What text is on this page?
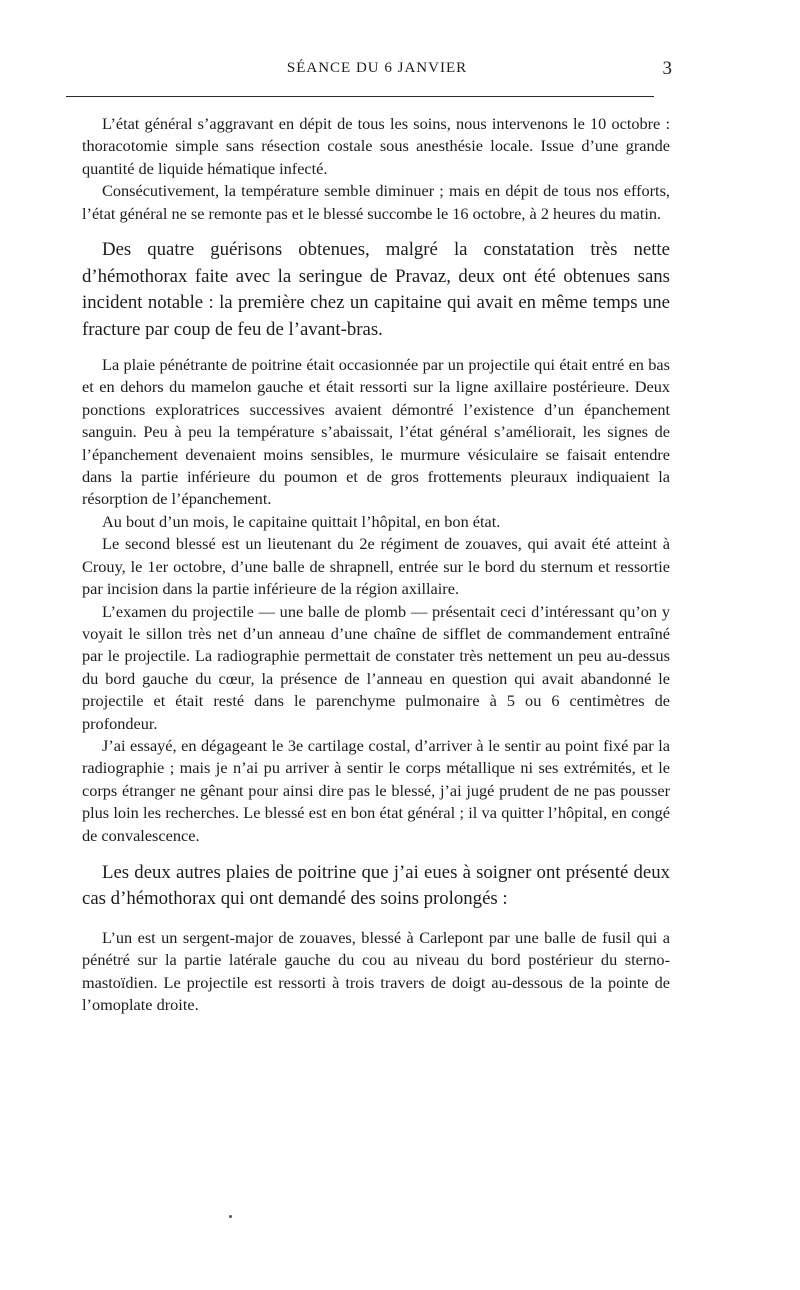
SÉANCE DU 6 JANVIER	3

L’état général s’aggravant en dépit de tous les soins, nous intervenons le 10 octobre : thoracotomie simple sans résection costale sous anesthésie locale. Issue d’une grande quantité de liquide hématique infecté.

Consécutivement, la température semble diminuer ; mais en dépit de tous nos efforts, l’état général ne se remonte pas et le blessé succombe le 16 octobre, à 2 heures du matin.

Des quatre guérisons obtenues, malgré la constatation très nette d’hémothorax faite avec la seringue de Pravaz, deux ont été obtenues sans incident notable : la première chez un capitaine qui avait en même temps une fracture par coup de feu de l’avant-bras.

La plaie pénétrante de poitrine était occasionnée par un projectile qui était entré en bas et en dehors du mamelon gauche et était ressorti sur la ligne axillaire postérieure. Deux ponctions exploratrices successives avaient démontré l’existence d’un épanchement sanguin. Peu à peu la température s’abaissait, l’état général s’améliorait, les signes de l’épanchement devenaient moins sensibles, le murmure vésiculaire se faisait entendre dans la partie inférieure du poumon et de gros frottements pleuraux indiquaient la résorption de l’épanchement.

Au bout d’un mois, le capitaine quittait l’hôpital, en bon état.

Le second blessé est un lieutenant du 2e régiment de zouaves, qui avait été atteint à Crouy, le 1er octobre, d’une balle de shrapnell, entrée sur le bord du sternum et ressortie par incision dans la partie inférieure de la région axillaire.

L’examen du projectile — une balle de plomb — présentait ceci d’intéressant qu’on y voyait le sillon très net d’un anneau d’une chaîne de sifflet de commandement entraîné par le projectile. La radiographie permettait de constater très nettement un peu au-dessus du bord gauche du cœur, la présence de l’anneau en question qui avait abandonné le projectile et était resté dans le parenchyme pulmonaire à 5 ou 6 centimètres de profondeur.

J’ai essayé, en dégageant le 3e cartilage costal, d’arriver à le sentir au point fixé par la radiographie ; mais je n’ai pu arriver à sentir le corps métallique ni ses extrémités, et le corps étranger ne gênant pour ainsi dire pas le blessé, j’ai jugé prudent de ne pas pousser plus loin les recherches. Le blessé est en bon état général ; il va quitter l’hôpital, en congé de convalescence.

Les deux autres plaies de poitrine que j’ai eues à soigner ont présenté deux cas d’hémothorax qui ont demandé des soins prolongés :

L’un est un sergent-major de zouaves, blessé à Carlepont par une balle de fusil qui a pénétré sur la partie latérale gauche du cou au niveau du bord postérieur du sterno-mastoïdien. Le projectile est ressorti à trois travers de doigt au-dessous de la pointe de l’omoplate droite.
